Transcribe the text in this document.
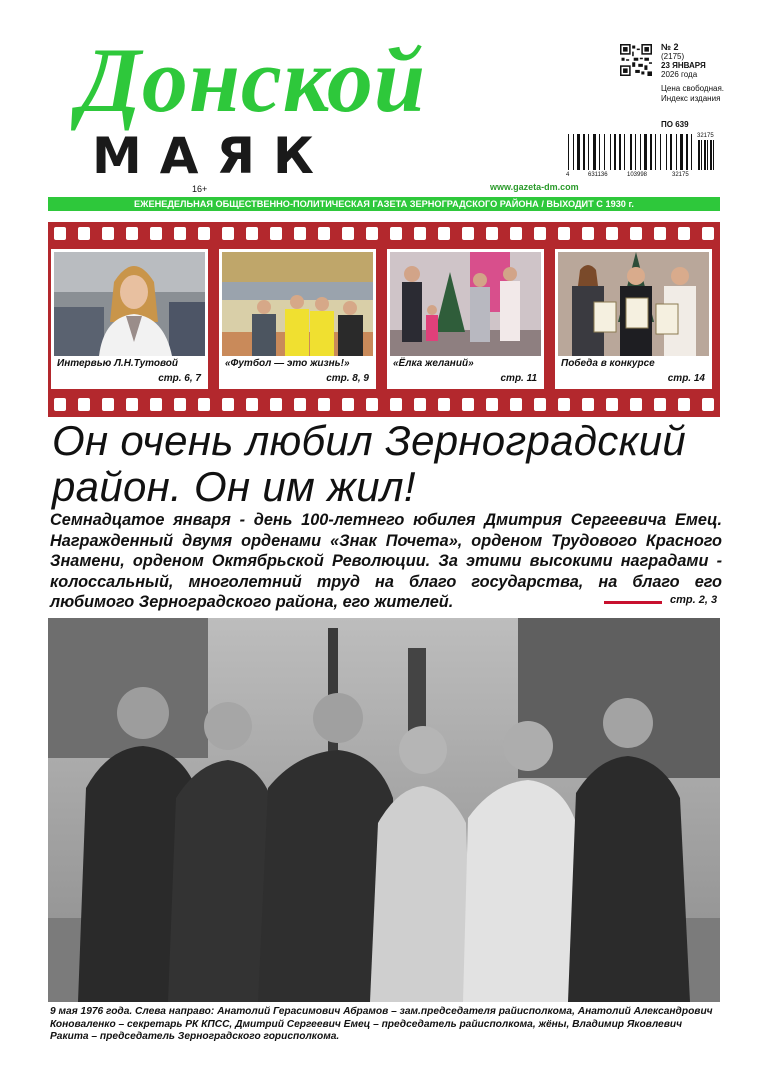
Донской
МАЯК
16+	www.gazeta-dm.com
№ 2
(2175)
23 ЯНВАРЯ
2026 года
Цена свободная. Индекс издания
ПО 639
32175
4	631136	103998	32175
ЕЖЕНЕДЕЛЬНАЯ ОБЩЕСТВЕННО-ПОЛИТИЧЕСКАЯ ГАЗЕТА ЗЕРНОГРАДСКОГО РАЙОНА / ВЫХОДИТ С 1930 г.
Интервью Л.Н.Тутовой
стр. 6, 7
«Футбол — это жизнь!»
стр. 8, 9
«Ёлка желаний»
стр. 11
Победа в конкурсе
стр. 14
Он очень любил Зерноградский район. Он им жил!
Семнадцатое января - день 100-летнего юбилея Дмитрия Сергеевича Емец. Награжденный двумя орденами «Знак Почета», орденом Трудового Красного Знамени, орденом Октябрьской Революции. За этими высокими наградами - колоссальный, многолетний труд на благо государства, на благо его любимого Зерноградского района, его жителей.	стр. 2, 3
9 мая 1976 года. Слева направо: Анатолий Герасимович Абрамов – зам.председателя райисполкома, Анатолий Александрович Коноваленко – секретарь РК КПСС, Дмитрий Сергеевич Емец – председатель райисполкома, жёны, Владимир Яковлевич Ракита – председатель Зерноградского горисполкома.
